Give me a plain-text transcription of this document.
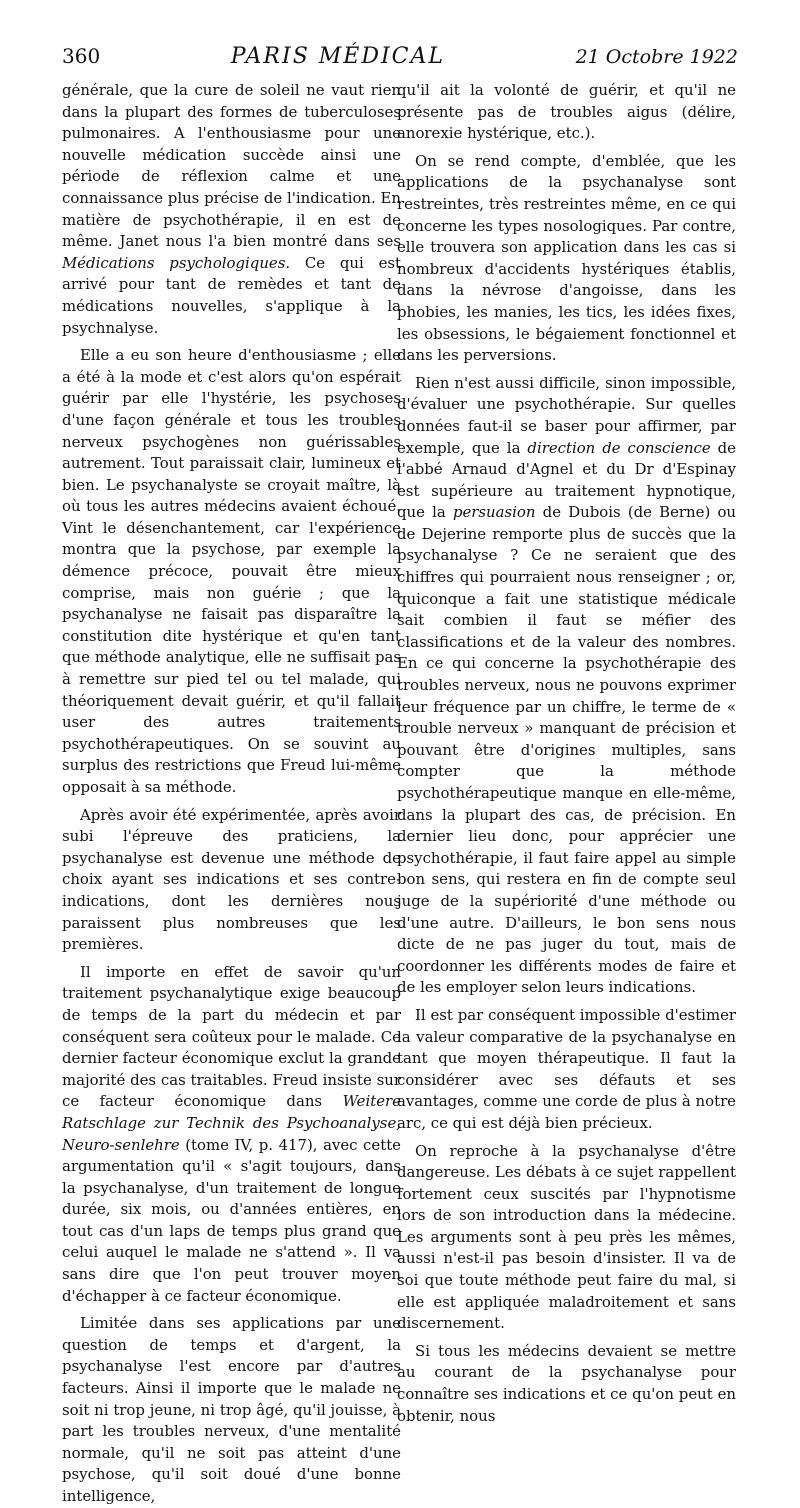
360	PARIS MÉDICAL	21 Octobre 1922

générale, que la cure de soleil ne vaut rien dans la plupart des formes de tuberculoses pulmonaires. A l'enthousiasme pour une nouvelle médication succède ainsi une période de réflexion calme et une connaissance plus précise de l'indication. En matière de psychothérapie, il en est de même. Janet nous l'a bien montré dans ses Médications psychologiques. Ce qui est arrivé pour tant de remèdes et tant de médications nouvelles, s'applique à la psychnalyse.

Elle a eu son heure d'enthousiasme ; elle a été à la mode et c'est alors qu'on espérait guérir par elle l'hystérie, les psychoses d'une façon générale et tous les troubles nerveux psychogènes non guérissables autrement. Tout paraissait clair, lumineux et bien. Le psychanalyste se croyait maître, là où tous les autres médecins avaient échoué. Vint le désenchantement, car l'expérience montra que la psychose, par exemple la démence précoce, pouvait être mieux comprise, mais non guérie ; que la psychanalyse ne faisait pas disparaître la constitution dite hystérique et qu'en tant que méthode analytique, elle ne suffisait pas à remettre sur pied tel ou tel malade, qui théoriquement devait guérir, et qu'il fallait user des autres traitements psychothérapeutiques. On se souvint au surplus des restrictions que Freud lui-même opposait à sa méthode.

Après avoir été expérimentée, après avoir subi l'épreuve des praticiens, la psychanalyse est devenue une méthode de choix ayant ses indications et ses contre-indications, dont les dernières nous paraissent plus nombreuses que les premières.

Il importe en effet de savoir qu'un traitement psychanalytique exige beaucoup de temps de la part du médecin et par conséquent sera coûteux pour le malade. Ce dernier facteur économique exclut la grande majorité des cas traitables. Freud insiste sur ce facteur économique dans Weitere Ratschlage zur Technik des Psychoanalyse, Neuro-senlehre (tome IV, p. 417), avec cette argumentation qu'il « s'agit toujours, dans la psychanalyse, d'un traitement de longue durée, six mois, ou d'années entières, en tout cas d'un laps de temps plus grand que celui auquel le malade ne s'attend ». Il va sans dire que l'on peut trouver moyen d'échapper à ce facteur économique.

Limitée dans ses applications par une question de temps et d'argent, la psychanalyse l'est encore par d'autres facteurs. Ainsi il importe que le malade ne soit ni trop jeune, ni trop âgé, qu'il jouisse, à part les troubles nerveux, d'une mentalité normale, qu'il ne soit pas atteint d'une psychose, qu'il soit doué d'une bonne intelligence,

qu'il ait la volonté de guérir, et qu'il ne présente pas de troubles aigus (délire, anorexie hystérique, etc.).

On se rend compte, d'emblée, que les applications de la psychanalyse sont restreintes, très restreintes même, en ce qui concerne les types nosologiques. Par contre, elle trouvera son application dans les cas si nombreux d'accidents hystériques établis, dans la névrose d'angoisse, dans les phobies, les manies, les tics, les idées fixes, les obsessions, le bégaiement fonctionnel et dans les perversions.

Rien n'est aussi difficile, sinon impossible, d'évaluer une psychothérapie. Sur quelles données faut-il se baser pour affirmer, par exemple, que la direction de conscience de l'abbé Arnaud d'Agnel et du Dr d'Espinay est supérieure au traitement hypnotique, que la persuasion de Dubois (de Berne) ou de Dejerine remporte plus de succès que la psychanalyse ? Ce ne seraient que des chiffres qui pourraient nous renseigner ; or, quiconque a fait une statistique médicale sait combien il faut se méfier des classifications et de la valeur des nombres. En ce qui concerne la psychothérapie des troubles nerveux, nous ne pouvons exprimer leur fréquence par un chiffre, le terme de « trouble nerveux » manquant de précision et pouvant être d'origines multiples, sans compter que la méthode psychothérapeutique manque en elle-même, dans la plupart des cas, de précision. En dernier lieu donc, pour apprécier une psychothérapie, il faut faire appel au simple bon sens, qui restera en fin de compte seul juge de la supériorité d'une méthode ou d'une autre. D'ailleurs, le bon sens nous dicte de ne pas juger du tout, mais de coordonner les différents modes de faire et de les employer selon leurs indications.

Il est par conséquent impossible d'estimer la valeur comparative de la psychanalyse en tant que moyen thérapeutique. Il faut la considérer avec ses défauts et ses avantages, comme une corde de plus à notre arc, ce qui est déjà bien précieux.

On reproche à la psychanalyse d'être dangereuse. Les débats à ce sujet rappellent fortement ceux suscités par l'hypnotisme lors de son introduction dans la médecine. Les arguments sont à peu près les mêmes, aussi n'est-il pas besoin d'insister. Il va de soi que toute méthode peut faire du mal, si elle est appliquée maladroitement et sans discernement.

Si tous les médecins devaient se mettre au courant de la psychanalyse pour connaître ses indications et ce qu'on peut en obtenir, nous
